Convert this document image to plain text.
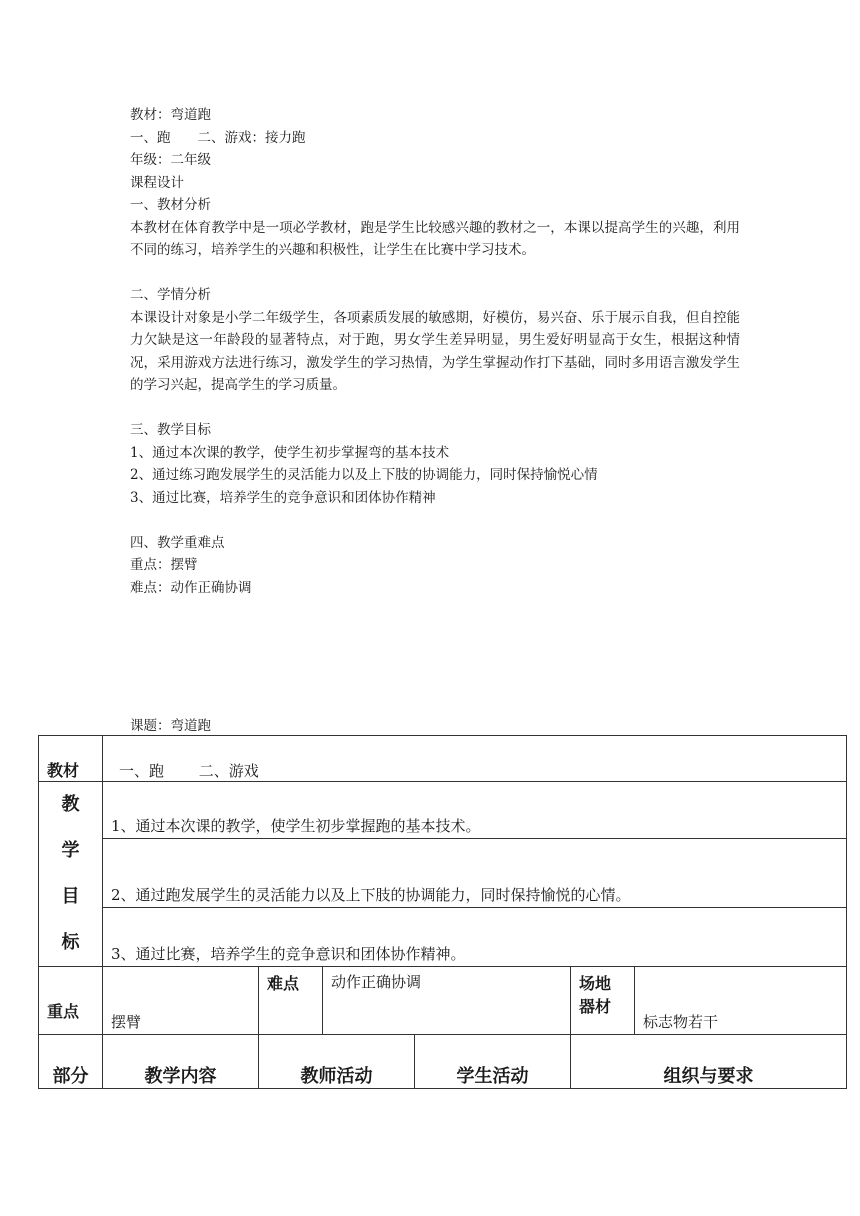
教材：弯道跑
一、跑　　二、游戏：接力跑
年级：二年级
课程设计
一、教材分析
本教材在体育教学中是一项必学教材，跑是学生比较感兴趣的教材之一，本课以提高学生的兴趣，利用不同的练习，培养学生的兴趣和积极性，让学生在比赛中学习技术。
二、学情分析
本课设计对象是小学二年级学生，各项素质发展的敏感期，好模仿，易兴奋、乐于展示自我，但自控能力欠缺是这一年龄段的显著特点，对于跑，男女学生差异明显，男生爱好明显高于女生，根据这种情况，采用游戏方法进行练习，激发学生的学习热情，为学生掌握动作打下基础，同时多用语言激发学生的学习兴起，提高学生的学习质量。
三、教学目标
1、通过本次课的教学，使学生初步掌握弯的基本技术
2、通过练习跑发展学生的灵活能力以及上下肢的协调能力，同时保持愉悦心情
3、通过比赛，培养学生的竞争意识和团体协作精神
四、教学重难点
重点：摆臂
难点：动作正确协调
课题：弯道跑
教材	一、跑　　 二、游戏					
教
学
目
标	1、通过本次课的教学，使学生初步掌握跑的基本技术。					
	2、通过跑发展学生的灵活能力以及上下肢的协调能力，同时保持愉悦的心情。					
	3、通过比赛，培养学生的竞争意识和团体协作精神。					
重点	摆臂	难点	动作正确协调		场地器材	标志物若干
部分	教学内容	教师活动		学生活动	组织与要求	
